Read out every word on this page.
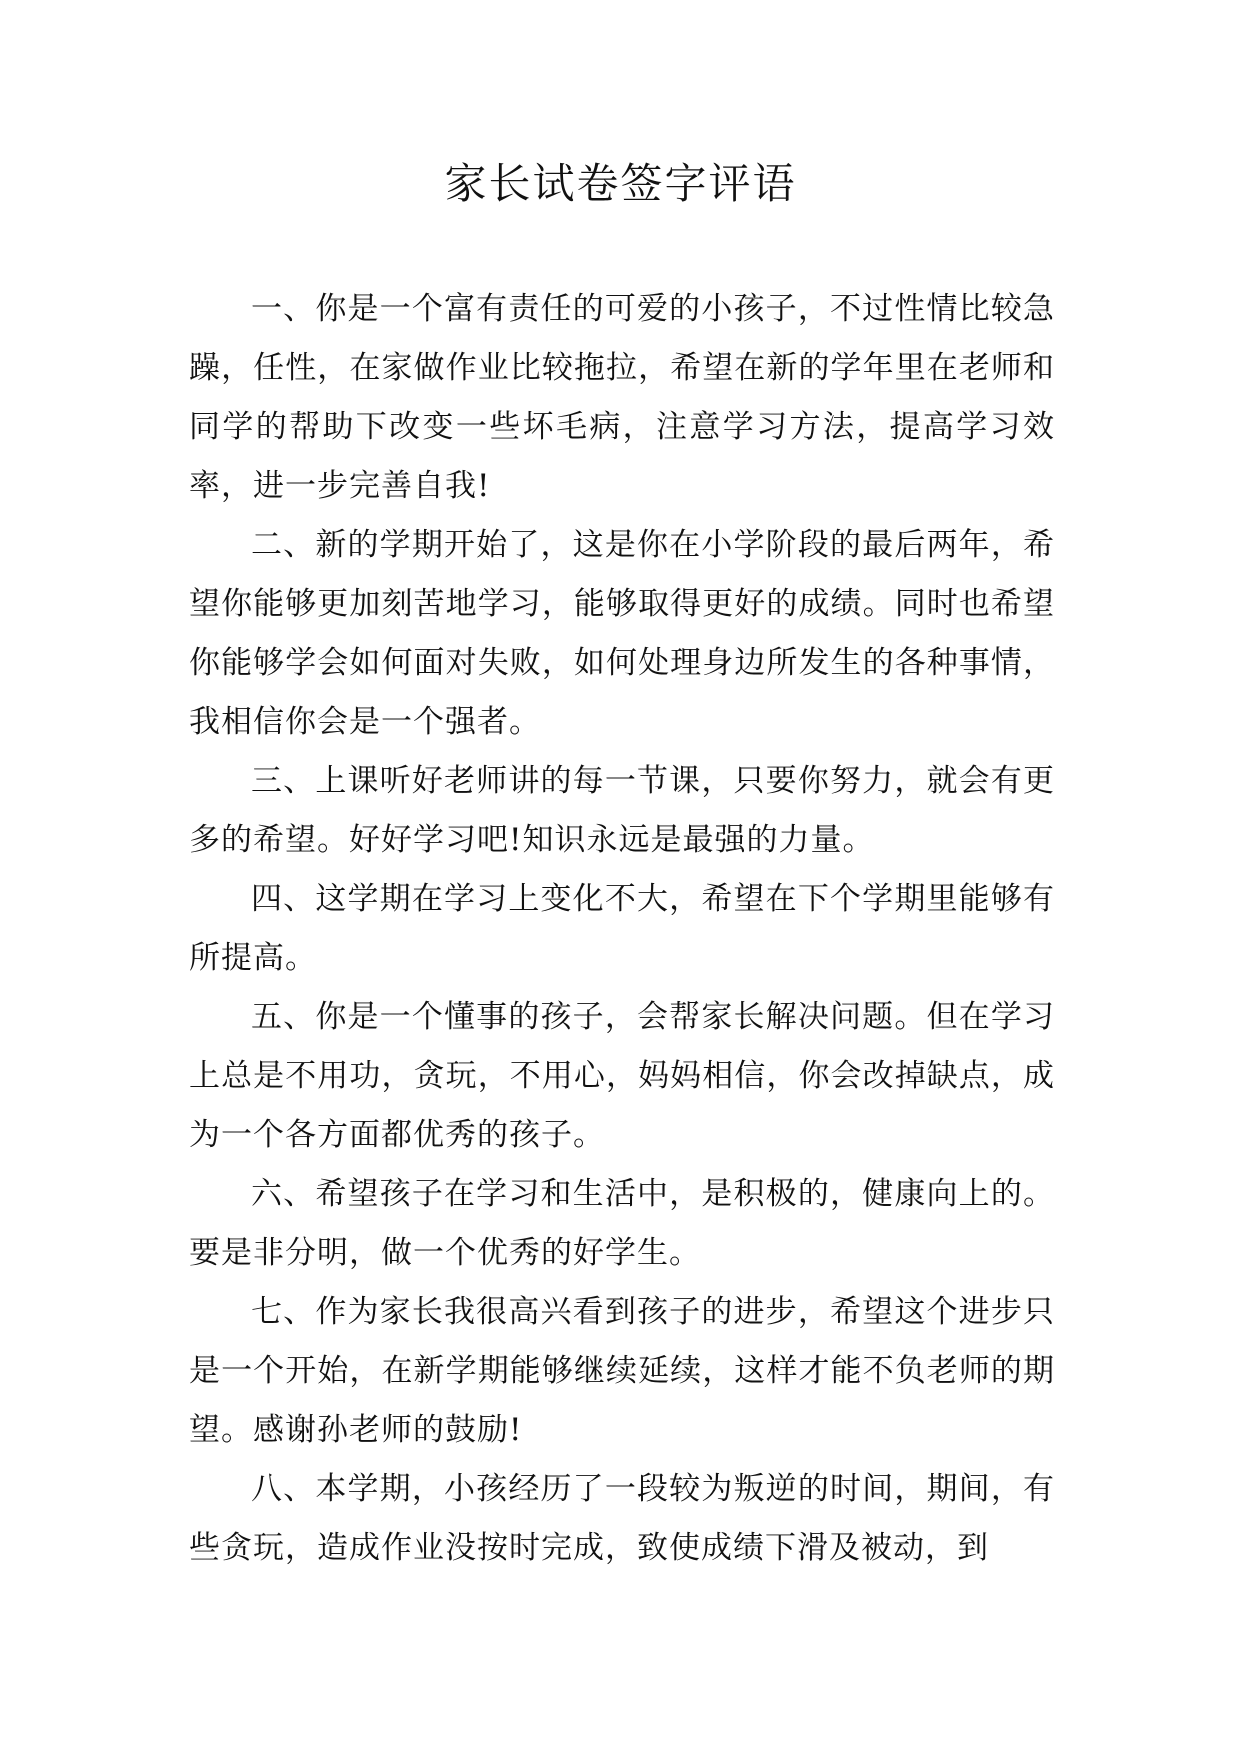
家长试卷签字评语

一、你是一个富有责任的可爱的小孩子，不过性情比较急躁，任性，在家做作业比较拖拉，希望在新的学年里在老师和同学的帮助下改变一些坏毛病，注意学习方法，提高学习效率，进一步完善自我!

二、新的学期开始了，这是你在小学阶段的最后两年，希望你能够更加刻苦地学习，能够取得更好的成绩。同时也希望你能够学会如何面对失败，如何处理身边所发生的各种事情，我相信你会是一个强者。

三、上课听好老师讲的每一节课，只要你努力，就会有更多的希望。好好学习吧!知识永远是最强的力量。

四、这学期在学习上变化不大，希望在下个学期里能够有所提高。

五、你是一个懂事的孩子，会帮家长解决问题。但在学习上总是不用功，贪玩，不用心，妈妈相信，你会改掉缺点，成为一个各方面都优秀的孩子。

六、希望孩子在学习和生活中，是积极的，健康向上的。要是非分明，做一个优秀的好学生。

七、作为家长我很高兴看到孩子的进步，希望这个进步只是一个开始，在新学期能够继续延续，这样才能不负老师的期望。感谢孙老师的鼓励!

八、本学期，小孩经历了一段较为叛逆的时间，期间，有些贪玩，造成作业没按时完成，致使成绩下滑及被动，到
